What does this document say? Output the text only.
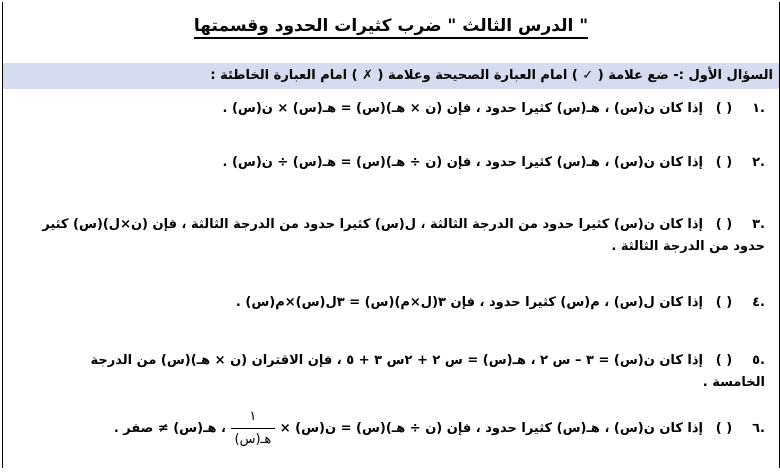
الدرس الثالث " ضرب كثيرات الحدود وقسمتها "
السؤال الأول :- ضع علامة ( ✓ ) امام العبارة الصحيحة وعلامة ( ✗ ) امام العبارة الخاطئة :
.١( )إذا كان ن(س) ، هـ(س) كثيرا حدود ، فإن (ن × هـ)(س) = هـ(س) × ن(س) .
.٢( )إذا كان ن(س) ، هـ(س) كثيرا حدود ، فإن (ن ÷ هـ)(س) = هـ(س) ÷ ن(س) .
.٣( )إذا كان ن(س) كثيرا حدود من الدرجة الثالثة ، ل(س) كثيرا حدود من الدرجة الثالثة ، فإن (ن×ل)(س) كثير حدود من الدرجة الثالثة .
.٤( )إذا كان ل(س) ، م(س) كثيرا حدود ، فإن ٣(ل×م)(س) = ٣ل(س)×م(س) .
.٥( )إذا كان ن(س) = ٣ – س ٢ ، هـ(س) = س ٢ + ٢س ٣ + ٥ ، فإن الاقتران (ن × هـ)(س) من الدرجة الخامسة .
.٦( )إذا كان ن(س) ، هـ(س) كثيرا حدود ، فإن (ن ÷ هـ)(س) = ن(س) ×
$\frac{١}{\text{هـ(س)}}$
، هـ(س) ≠ صفر .
